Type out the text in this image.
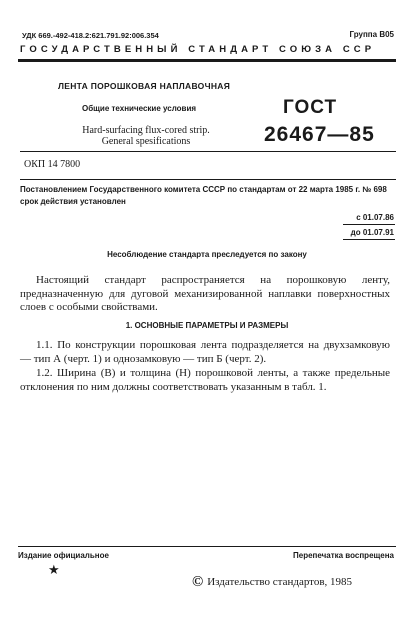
УДК 669.-492-418.2:621.791.92:006.354	Группа В05
ГОСУДАРСТВЕННЫЙ СТАНДАРТ СОЮЗА ССР
ЛЕНТА ПОРОШКОВАЯ НАПЛАВОЧНАЯ
Общие технические условия
Hard-surfacing flux-cored strip.
General spesifications
ГОСТ
26467—85
ОКП 14 7800
Постановлением Государственного комитета СССР по стандартам от 22 марта 1985 г. № 698 срок действия установлен
с 01.07.86
до 01.07.91
Несоблюдение стандарта преследуется по закону
Настоящий стандарт распространяется на порошковую ленту, предназначенную для дуговой механизированной наплавки поверхностных слоев с особыми свойствами.
1. ОСНОВНЫЕ ПАРАМЕТРЫ И РАЗМЕРЫ
1.1. По конструкции порошковая лента подразделяется на двухзамковую — тип А (черт. 1) и однозамковую — тип Б (черт. 2).
1.2. Ширина (B) и толщина (H) порошковой ленты, а также предельные отклонения по ним должны соответствовать указанным в табл. 1.
Издание официальное	Перепечатка воспрещена
★
© Издательство стандартов, 1985
